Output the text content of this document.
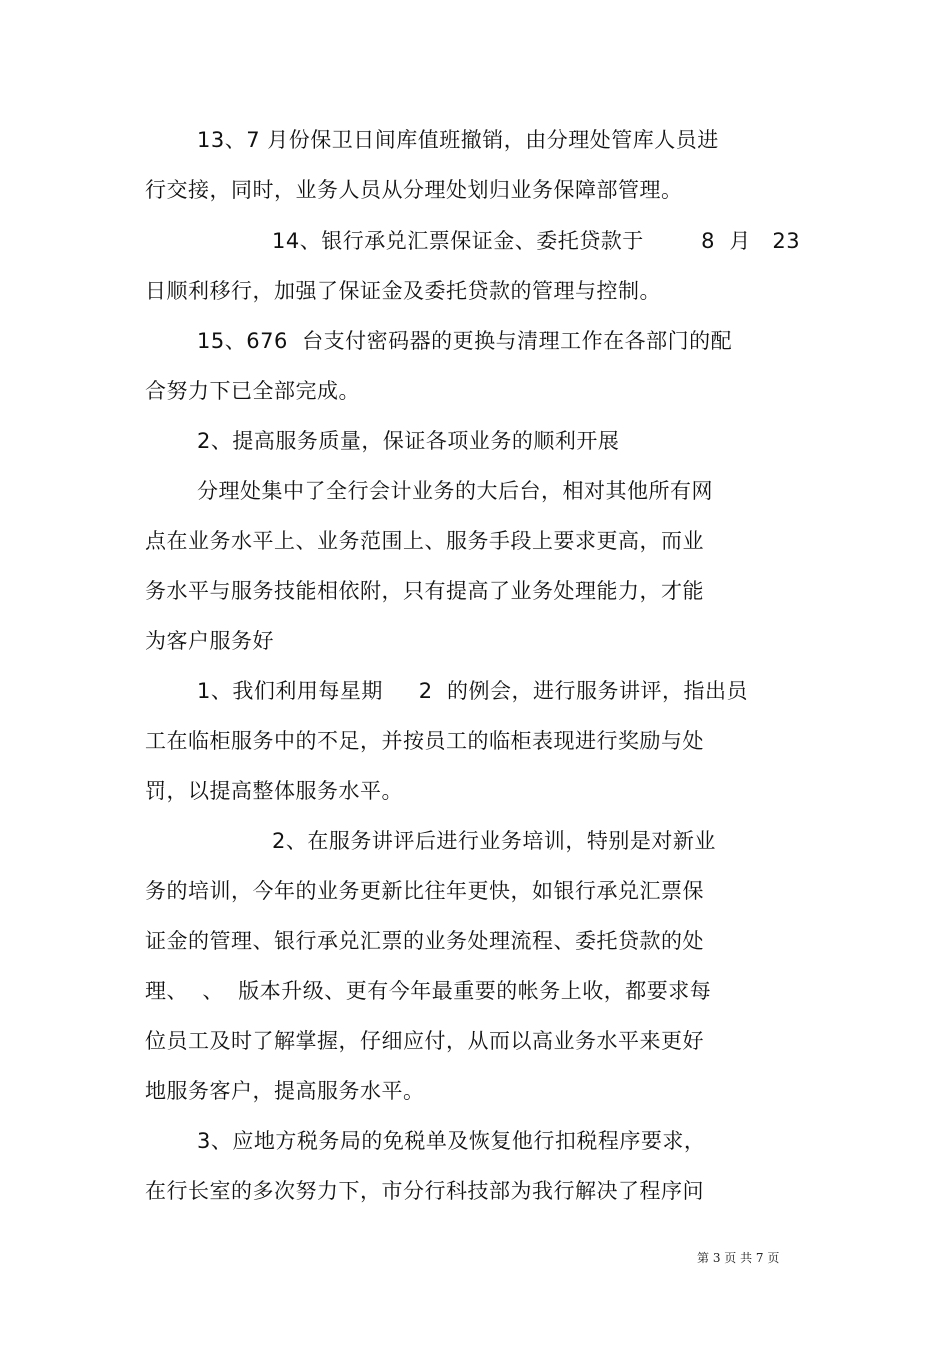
13、7 月份保卫日间库值班撤销，由分理处管库人员进
行交接，同时，业务人员从分理处划归业务保障部管理。
14、银行承兑汇票保证金、委托贷款于        8  月   23
日顺利移行，加强了保证金及委托贷款的管理与控制。
15、676  台支付密码器的更换与清理工作在各部门的配
合努力下已全部完成。
2、提高服务质量，保证各项业务的顺利开展
分理处集中了全行会计业务的大后台，相对其他所有网
点在业务水平上、业务范围上、服务手段上要求更高，而业
务水平与服务技能相依附，只有提高了业务处理能力，才能
为客户服务好
1、我们利用每星期     2  的例会，进行服务讲评，指出员
工在临柜服务中的不足，并按员工的临柜表现进行奖励与处
罚，以提高整体服务水平。
2、在服务讲评后进行业务培训，特别是对新业
务的培训，今年的业务更新比往年更快，如银行承兑汇票保
证金的管理、银行承兑汇票的业务处理流程、委托贷款的处
理、  、  版本升级、更有今年最重要的帐务上收，都要求每
位员工及时了解掌握，仔细应付，从而以高业务水平来更好
地服务客户，提高服务水平。
3、应地方税务局的免税单及恢复他行扣税程序要求，
在行长室的多次努力下，市分行科技部为我行解决了程序问
第 3 页 共 7 页
